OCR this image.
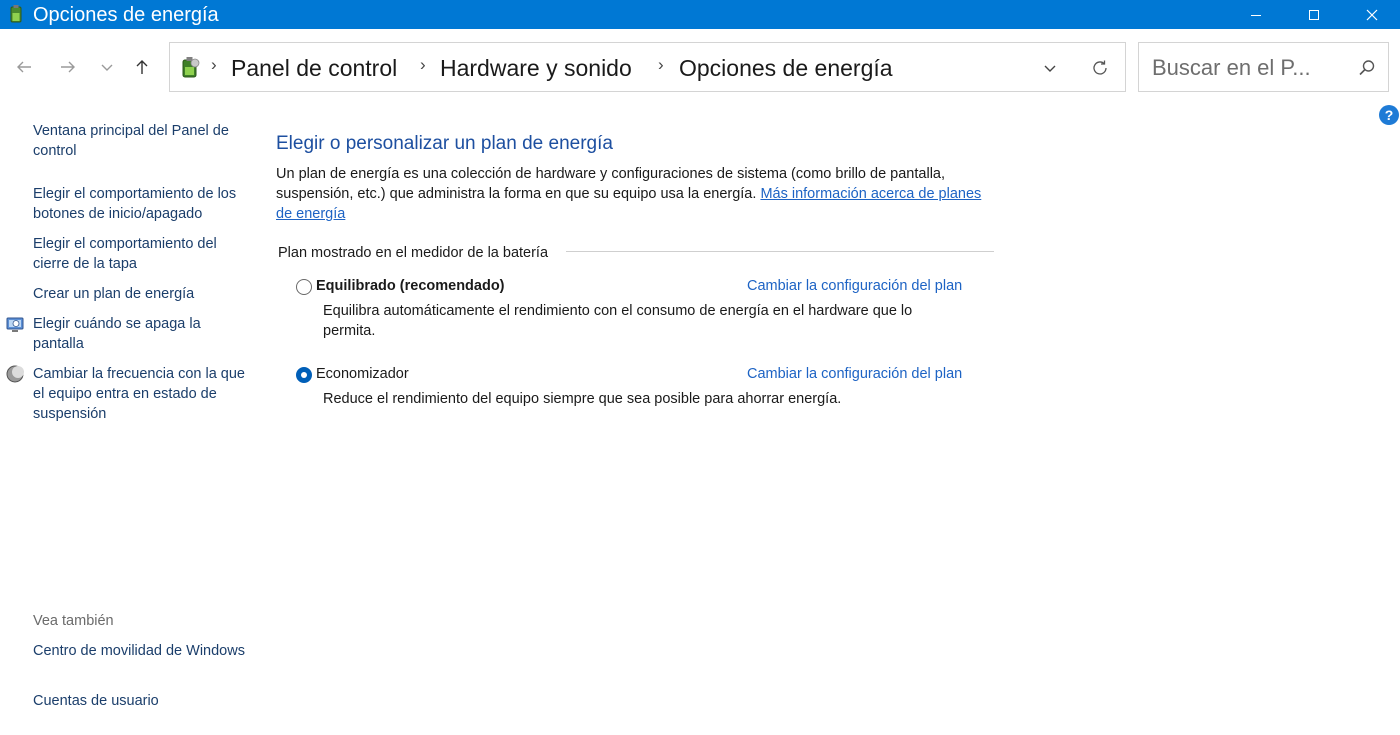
Opciones de energía
› Panel de control › Hardware y sonido › Opciones de energía
Buscar en el P...
?
Ventana principal del Panel de control
Elegir el comportamiento de los botones de inicio/apagado
Elegir el comportamiento del cierre de la tapa
Crear un plan de energía
Elegir cuándo se apaga la pantalla
Cambiar la frecuencia con la que el equipo entra en estado de suspensión
Vea también
Centro de movilidad de Windows
Cuentas de usuario
Elegir o personalizar un plan de energía
Un plan de energía es una colección de hardware y configuraciones de sistema (como brillo de pantalla, suspensión, etc.) que administra la forma en que su equipo usa la energía. Más información acerca de planes de energía
Plan mostrado en el medidor de la batería
Equilibrado (recomendado)	Cambiar la configuración del plan
Equilibra automáticamente el rendimiento con el consumo de energía en el hardware que lo permita.
Economizador	Cambiar la configuración del plan
Reduce el rendimiento del equipo siempre que sea posible para ahorrar energía.
